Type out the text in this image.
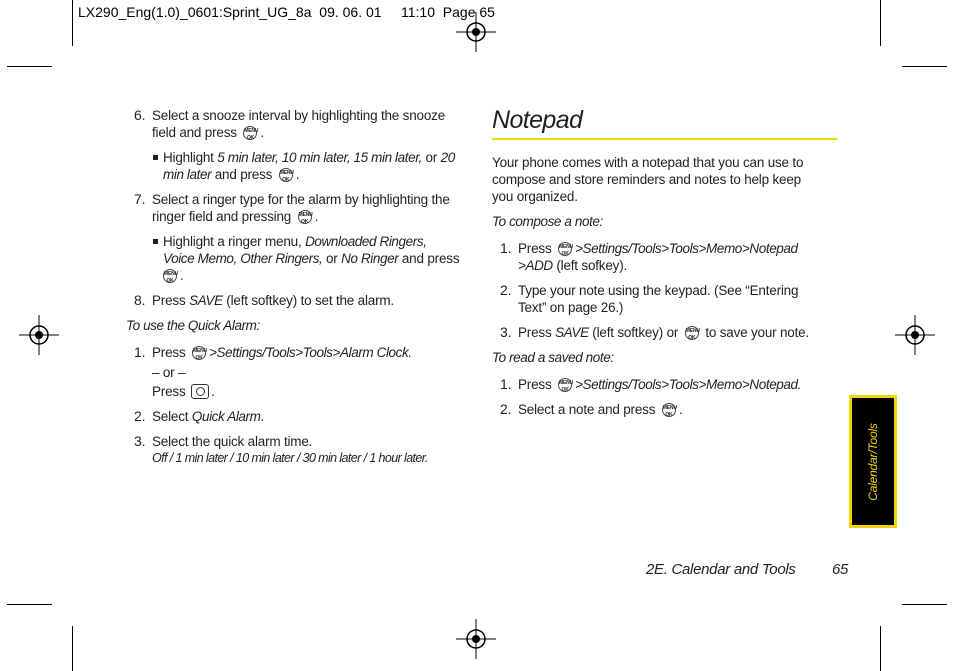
LX290_Eng(1.0)_0601:Sprint_UG_8a  09. 06. 01     11:10  Page 65
6. Select a snooze interval by highlighting the snooze
field and press MENU
OK .
Highlight 5 min later, 10 min later, 15 min later, or 20
min later and press MENU
OK .
7. Select a ringer type for the alarm by highlighting the
ringer field and pressing MENU
OK .
Highlight a ringer menu, Downloaded Ringers,
Voice Memo, Other Ringers, or No Ringer and press
MENU
OK .
8. Press SAVE (left softkey) to set the alarm.
To use the Quick Alarm:
1. Press MENU
OK >Settings/Tools>Tools>Alarm Clock.
– or –
Press .
2. Select Quick Alarm.
3. Select the quick alarm time.
Off / 1 min later / 10 min later / 30 min later / 1 hour later.
Notepad
Your phone comes with a notepad that you can use to
compose and store reminders and notes to help keep
you organized.
To compose a note:
1. Press MENU
OK >Settings/Tools>Tools>Memo>Notepad
>ADD (left sofkey).
2. Type your note using the keypad. (See “Entering
Text” on page 26.)
3. Press SAVE (left softkey) or MENU
OK to save your note.
To read a saved note:
1. Press MENU
OK >Settings/Tools>Tools>Memo>Notepad.
2. Select a note and press MENU
OK .
Calendar/Tools
2E. Calendar and Tools 65
